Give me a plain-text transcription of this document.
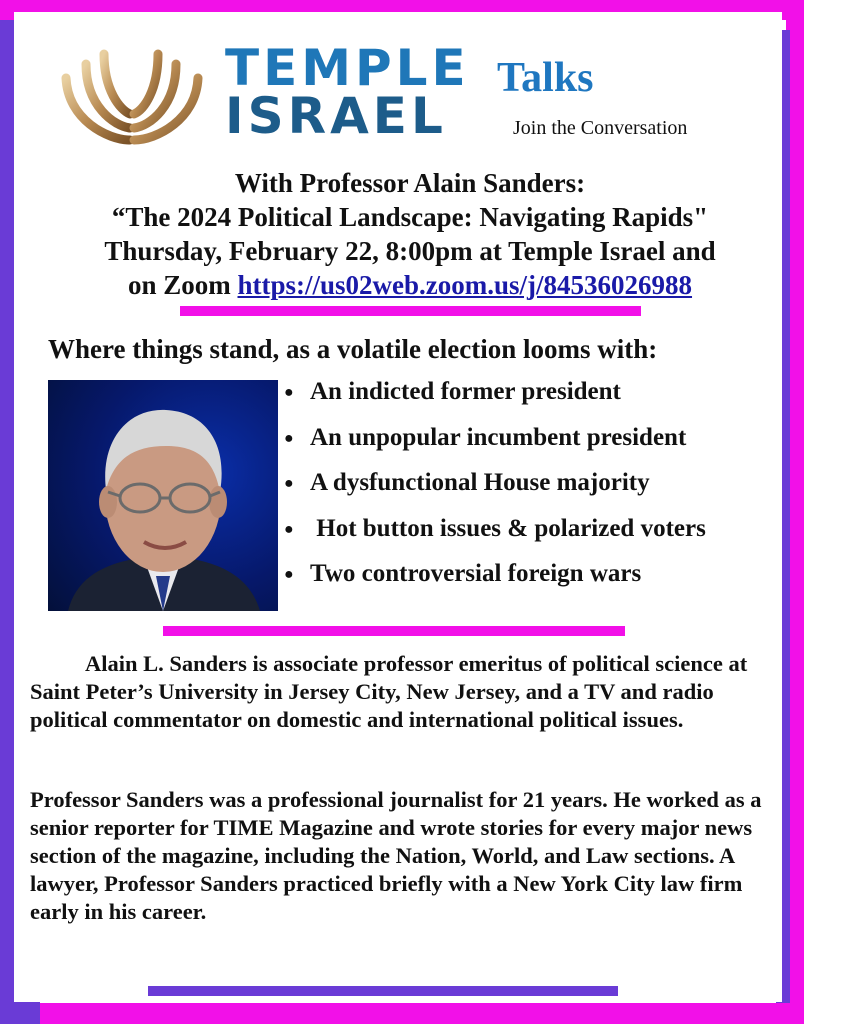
TEMPLE
ISRAEL
Talks
Join the Conversation
With Professor Alain Sanders:
“The 2024 Political Landscape: Navigating Rapids"
Thursday, February 22, 8:00pm at Temple Israel and
on Zoom https://us02web.zoom.us/j/84536026988
Where things stand, as a volatile election looms with:
● An indicted former president
● An unpopular incumbent president
● A dysfunctional House majority
● Hot button issues & polarized voters
● Two controversial foreign wars
Alain L. Sanders is associate professor emeritus of political science at Saint Peter’s University in Jersey City, New Jersey, and a TV and radio political commentator on domestic and international political issues.
Professor Sanders was a professional journalist for 21 years. He worked as a senior reporter for TIME Magazine and wrote stories for every major news section of the magazine, including the Nation, World, and Law sections. A lawyer, Professor Sanders practiced briefly with a New York City law firm early in his career.
